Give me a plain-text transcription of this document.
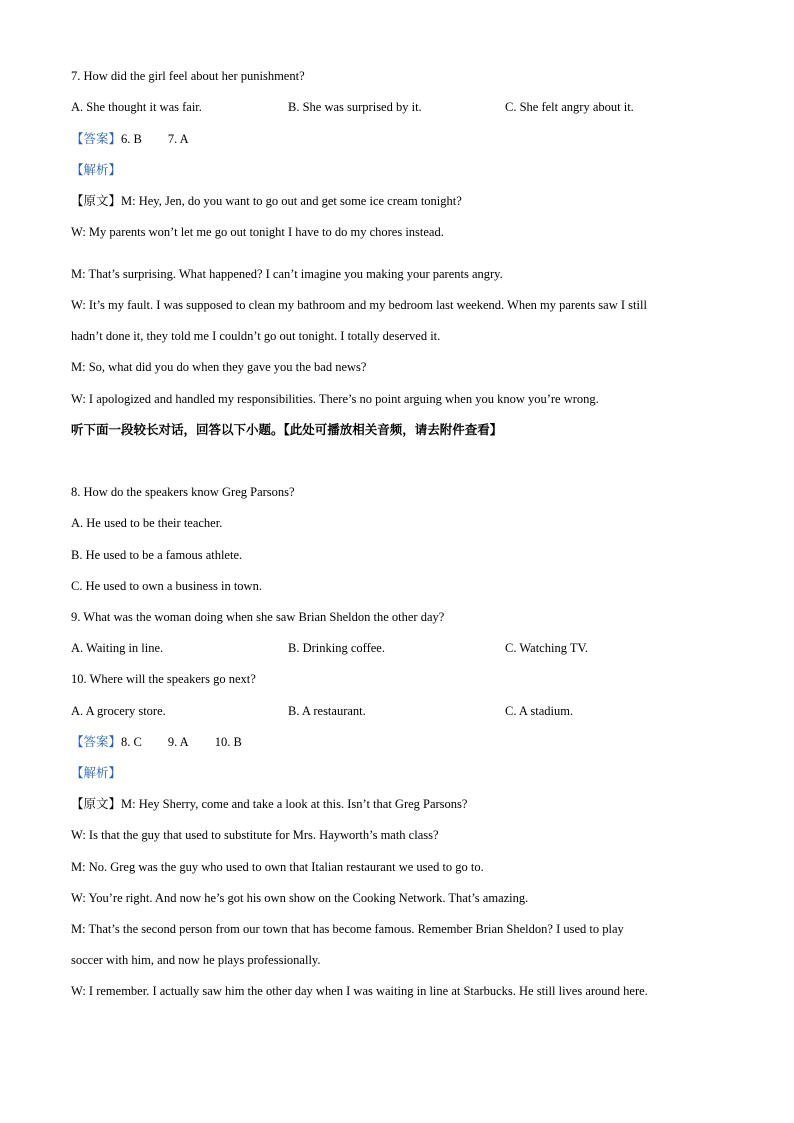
7. How did the girl feel about her punishment?
A. She thought it was fair.	B. She was surprised by it.	C. She felt angry about it.
【答案】6. B 7. A
【解析】
【原文】M: Hey, Jen, do you want to go out and get some ice cream tonight?
W: My parents won’t let me go out tonight I have to do my chores instead.
M: That’s surprising. What happened? I can’t imagine you making your parents angry.
W: It’s my fault. I was supposed to clean my bathroom and my bedroom last weekend. When my parents saw I still
hadn’t done it, they told me I couldn’t go out tonight. I totally deserved it.
M: So, what did you do when they gave you the bad news?
W: I apologized and handled my responsibilities. There’s no point arguing when you know you’re wrong.
听下面一段较长对话，回答以下小题。【此处可播放相关音频，请去附件查看】
8. How do the speakers know Greg Parsons?
A. He used to be their teacher.
B. He used to be a famous athlete.
C. He used to own a business in town.
9. What was the woman doing when she saw Brian Sheldon the other day?
A. Waiting in line.	B. Drinking coffee.	C. Watching TV.
10. Where will the speakers go next?
A. A grocery store.	B. A restaurant.	C. A stadium.
【答案】8. C 9. A 10. B
【解析】
【原文】M: Hey Sherry, come and take a look at this. Isn’t that Greg Parsons?
W: Is that the guy that used to substitute for Mrs. Hayworth’s math class?
M: No. Greg was the guy who used to own that Italian restaurant we used to go to.
W: You’re right. And now he’s got his own show on the Cooking Network. That’s amazing.
M: That’s the second person from our town that has become famous. Remember Brian Sheldon? I used to play
soccer with him, and now he plays professionally.
W: I remember. I actually saw him the other day when I was waiting in line at Starbucks. He still lives around here.
